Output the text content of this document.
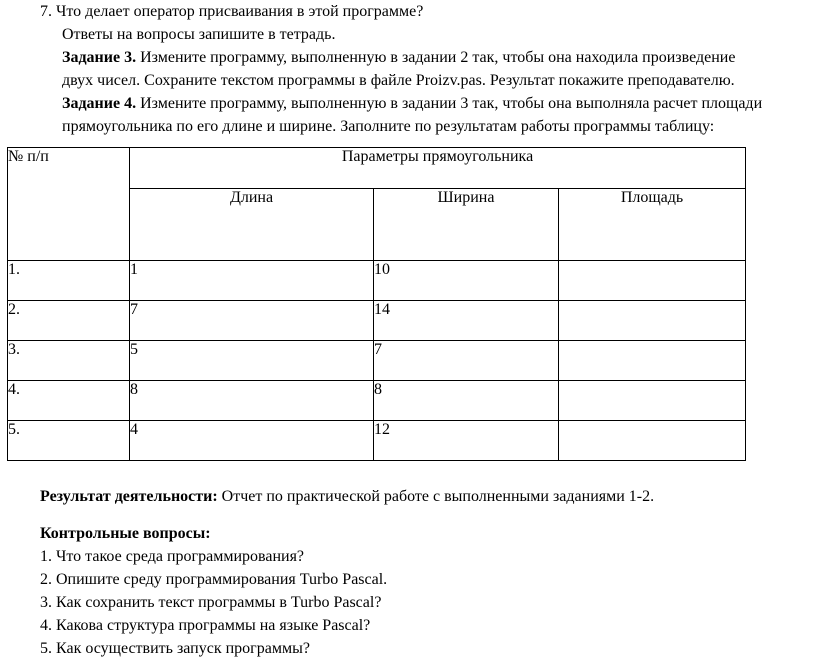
7. Что делает оператор присваивания в этой программе?
Ответы на вопросы запишите в тетрадь.
Задание 3. Измените программу, выполненную в задании 2 так, чтобы она находила произведение
двух чисел. Сохраните текстом программы в файле Proizv.pas. Результат покажите преподавателю.
Задание 4. Измените программу, выполненную в задании 3 так, чтобы она выполняла расчет площади
прямоугольника по его длине и ширине. Заполните по результатам работы программы таблицу:
№ п/п	Параметры прямоугольника		
	Длина	Ширина	Площадь
1.	1	10	
2.	7	14	
3.	5	7	
4.	8	8	
5.	4	12	
Результат деятельности: Отчет по практической работе с выполненными заданиями 1-2.
Контрольные вопросы:
1. Что такое среда программирования?
2. Опишите среду программирования Turbo Pascal.
3. Как сохранить текст программы в Turbo Pascal?
4. Какова структура программы на языке Pascal?
5. Как осуществить запуск программы?
